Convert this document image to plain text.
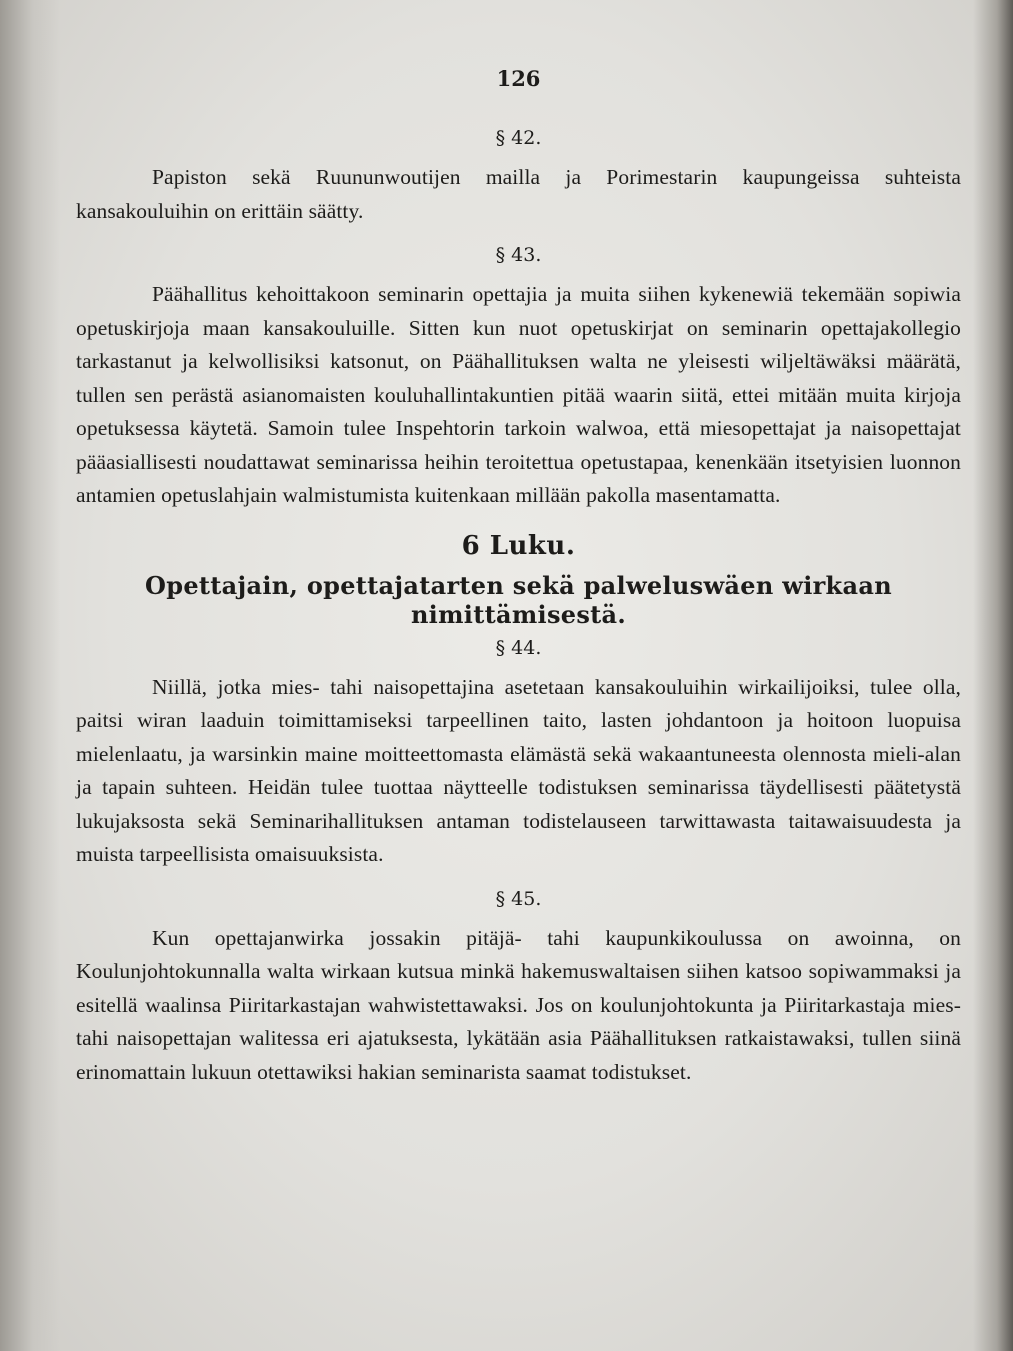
126
§ 42.

Papiston sekä Ruununwoutijen mailla ja Porimestarin kaupungeissa suhteista kansakouluihin on erittäin säätty.

§ 43.

Päähallitus kehoittakoon seminarin opettajia ja muita siihen kykenewiä tekemään sopiwia opetuskirjoja maan kansakouluille. Sitten kun nuot opetuskirjat on seminarin opettajakollegio tarkastanut ja kelwollisiksi katsonut, on Päähallituksen walta ne yleisesti wiljeltäwäksi määrätä, tullen sen perästä asianomaisten kouluhallintakuntien pitää waarin siitä, ettei mitään muita kirjoja opetuksessa käytetä. Samoin tulee Inspehtorin tarkoin walwoa, että miesopettajat ja naisopettajat pääasiallisesti noudattawat seminarissa heihin teroitettua opetustapaa, kenenkään itsetyisien luonnon antamien opetuslahjain walmistumista kuitenkaan millään pakolla masentamatta.

6 Luku.
Opettajain, opettajatarten sekä palweluswäen wirkaan nimittämisestä.
§ 44.

Niillä, jotka mies- tahi naisopettajina asetetaan kansakouluihin wirkailijoiksi, tulee olla, paitsi wiran laaduin toimittamiseksi tarpeellinen taito, lasten johdantoon ja hoitoon luopuisa mielenlaatu, ja warsinkin maine moitteettomasta elämästä sekä wakaantuneesta olennosta mieli-alan ja tapain suhteen. Heidän tulee tuottaa näytteelle todistuksen seminarissa täydellisesti päätetystä lukujaksosta sekä Seminarihallituksen antaman todistelauseen tarwittawasta taitawaisuudesta ja muista tarpeellisista omaisuuksista.

§ 45.

Kun opettajanwirka jossakin pitäjä- tahi kaupunkikoulussa on awoinna, on Koulunjohtokunnalla walta wirkaan kutsua minkä hakemuswaltaisen siihen katsoo sopiwammaksi ja esitellä waalinsa Piiritarkastajan wahwistettawaksi. Jos on koulunjohtokunta ja Piiritarkastaja mies- tahi naisopettajan walitessa eri ajatuksesta, lykätään asia Päähallituksen ratkaistawaksi, tullen siinä erinomattain lukuun otettawiksi hakian seminarista saamat todistukset.
